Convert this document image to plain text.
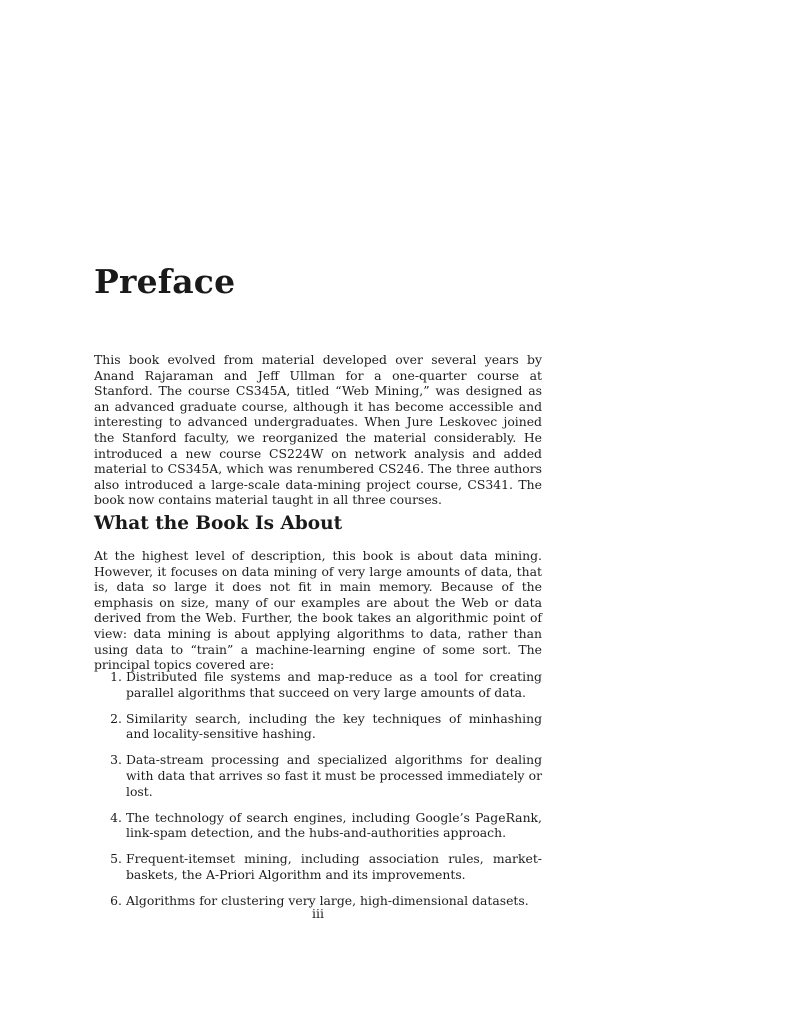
Preface

This book evolved from material developed over several years by Anand Rajaraman and Jeff Ullman for a one-quarter course at Stanford. The course CS345A, titled “Web Mining,” was designed as an advanced graduate course, although it has become accessible and interesting to advanced undergraduates. When Jure Leskovec joined the Stanford faculty, we reorganized the material considerably. He introduced a new course CS224W on network analysis and added material to CS345A, which was renumbered CS246. The three authors also introduced a large-scale data-mining project course, CS341. The book now contains material taught in all three courses.

What the Book Is About

At the highest level of description, this book is about data mining. However, it focuses on data mining of very large amounts of data, that is, data so large it does not fit in main memory. Because of the emphasis on size, many of our examples are about the Web or data derived from the Web. Further, the book takes an algorithmic point of view: data mining is about applying algorithms to data, rather than using data to “train” a machine-learning engine of some sort. The principal topics covered are:

1. Distributed file systems and map-reduce as a tool for creating parallel algorithms that succeed on very large amounts of data.
2. Similarity search, including the key techniques of minhashing and locality-sensitive hashing.
3. Data-stream processing and specialized algorithms for dealing with data that arrives so fast it must be processed immediately or lost.
4. The technology of search engines, including Google’s PageRank, link-spam detection, and the hubs-and-authorities approach.
5. Frequent-itemset mining, including association rules, market-baskets, the A-Priori Algorithm and its improvements.
6. Algorithms for clustering very large, high-dimensional datasets.
iii
